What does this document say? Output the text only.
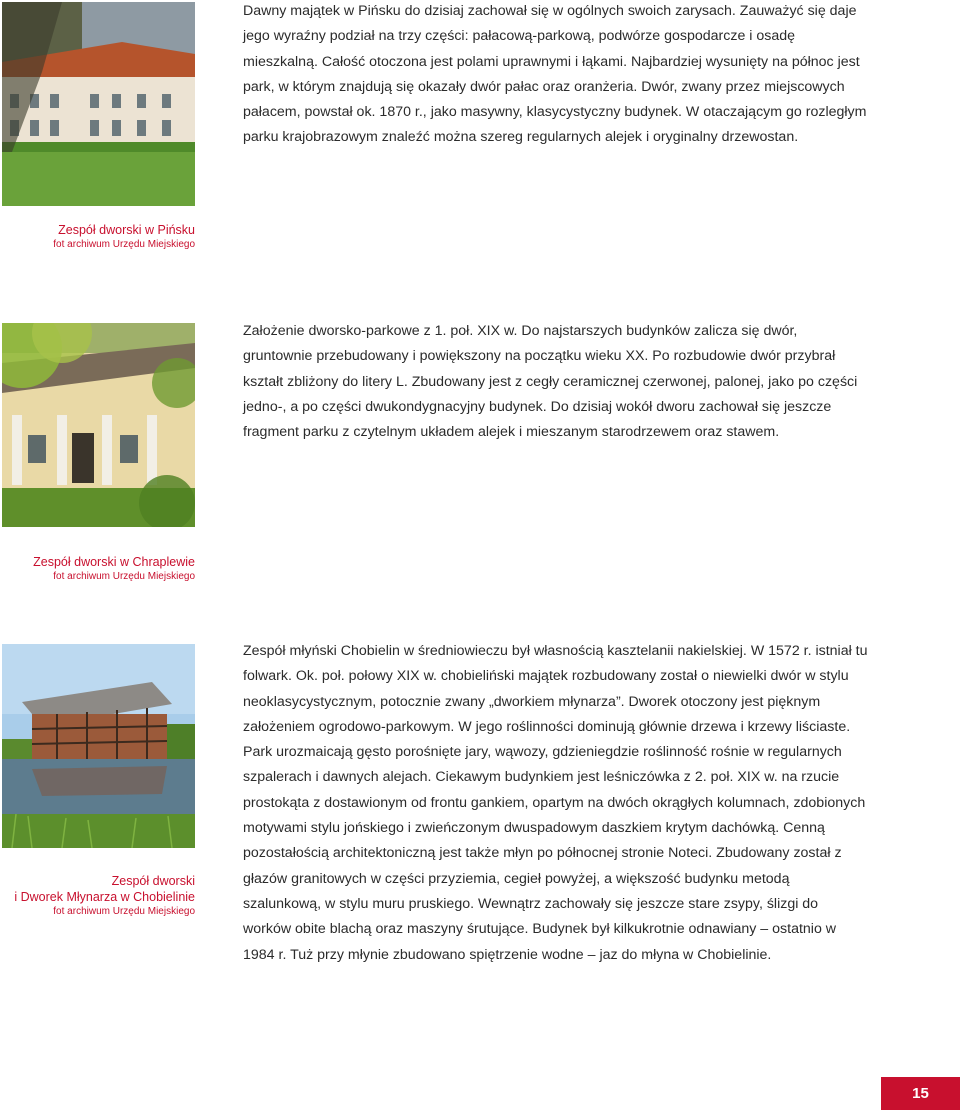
Dawny majątek w Pińsku do dzisiaj zachował się w ogólnych swoich zarysach. Zauważyć się daje jego wyraźny podział na trzy części: pałacową-parkową, podwórze gospodarcze i osadę mieszkalną. Całość otoczona jest polami uprawnymi i łąkami. Najbardziej wysunięty na północ jest park, w którym znajdują się okazały dwór pałac oraz oranżeria. Dwór, zwany przez miejscowych pałacem, powstał ok. 1870 r., jako masywny, klasycystyczny budynek. W otaczającym go rozległym parku krajobrazowym znaleźć można szereg regularnych alejek i oryginalny drzewostan.

Zespół dworski w Pińsku
fot archiwum Urzędu Miejskiego

Założenie dworsko-parkowe z 1. poł. XIX w. Do najstarszych budynków zalicza się dwór, gruntownie przebudowany i powiększony na początku wieku XX. Po rozbudowie dwór przybrał kształt zbliżony do litery L. Zbudowany jest z cegły ceramicznej czerwonej, palonej, jako po części jedno-, a po części dwukondygnacyjny budynek. Do dzisiaj wokół dworu zachował się jeszcze fragment parku z czytelnym układem alejek i mieszanym starodrzewem oraz stawem.

Zespół dworski w Chraplewie
fot archiwum Urzędu Miejskiego

Zespół młyński Chobielin w średniowieczu był własnością kasztelanii nakielskiej. W 1572 r. istniał tu folwark. Ok. poł. połowy XIX w. chobieliński majątek rozbudowany został o niewielki dwór w stylu neoklasycystycznym, potocznie zwany „dworkiem młynarza”. Dworek otoczony jest pięknym założeniem ogrodowo-parkowym. W jego roślinności dominują głównie drzewa i krzewy liściaste. Park urozmaicają gęsto porośnięte jary, wąwozy, gdzieniegdzie roślinność rośnie w regularnych szpalerach i dawnych alejach. Ciekawym budynkiem jest leśniczówka z 2. poł. XIX w. na rzucie prostokąta z dostawionym od frontu gankiem, opartym na dwóch okrągłych kolumnach, zdobionych motywami stylu jońskiego i zwieńczonym dwuspadowym daszkiem krytym dachówką. Cenną pozostałością architektoniczną jest także młyn po północnej stronie Noteci. Zbudowany został z głazów granitowych w części przyziemia, cegieł powyżej, a większość budynku metodą szalunkową, w stylu muru pruskiego. Wewnątrz zachowały się jeszcze stare zsypy, ślizgi do worków obite blachą oraz maszyny śrutujące. Budynek był kilkukrotnie odnawiany – ostatnio w 1984 r. Tuż przy młynie zbudowano spiętrzenie wodne – jaz do młyna w Chobielinie.

Zespół dworski
i Dworek Młynarza w Chobielinie
fot archiwum Urzędu Miejskiego
15
